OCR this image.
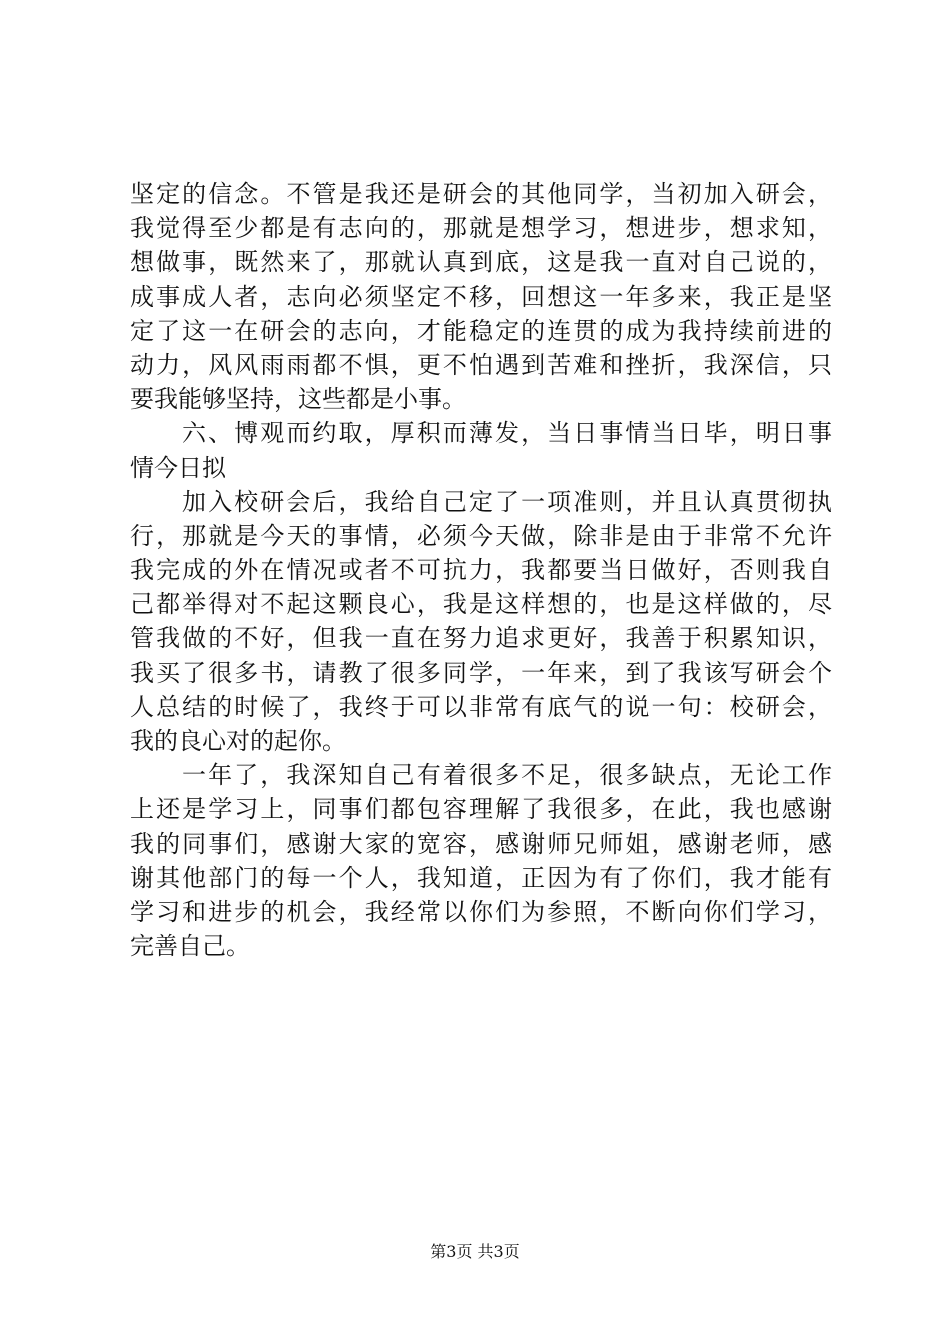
坚定的信念。不管是我还是研会的其他同学，当初加入研会，
我觉得至少都是有志向的，那就是想学习，想进步，想求知，
想做事，既然来了，那就认真到底，这是我一直对自己说的，
成事成人者，志向必须坚定不移，回想这一年多来，我正是坚
定了这一在研会的志向，才能稳定的连贯的成为我持续前进的
动力，风风雨雨都不惧，更不怕遇到苦难和挫折，我深信，只
要我能够坚持，这些都是小事。
六、博观而约取，厚积而薄发，当日事情当日毕，明日事
情今日拟
加入校研会后，我给自己定了一项准则，并且认真贯彻执
行，那就是今天的事情，必须今天做，除非是由于非常不允许
我完成的外在情况或者不可抗力，我都要当日做好，否则我自
己都举得对不起这颗良心，我是这样想的，也是这样做的，尽
管我做的不好，但我一直在努力追求更好，我善于积累知识，
我买了很多书，请教了很多同学，一年来，到了我该写研会个
人总结的时候了，我终于可以非常有底气的说一句：校研会，
我的良心对的起你。
一年了，我深知自己有着很多不足，很多缺点，无论工作
上还是学习上，同事们都包容理解了我很多，在此，我也感谢
我的同事们，感谢大家的宽容，感谢师兄师姐，感谢老师，感
谢其他部门的每一个人，我知道，正因为有了你们，我才能有
学习和进步的机会，我经常以你们为参照，不断向你们学习，
完善自己。
第3页 共3页
